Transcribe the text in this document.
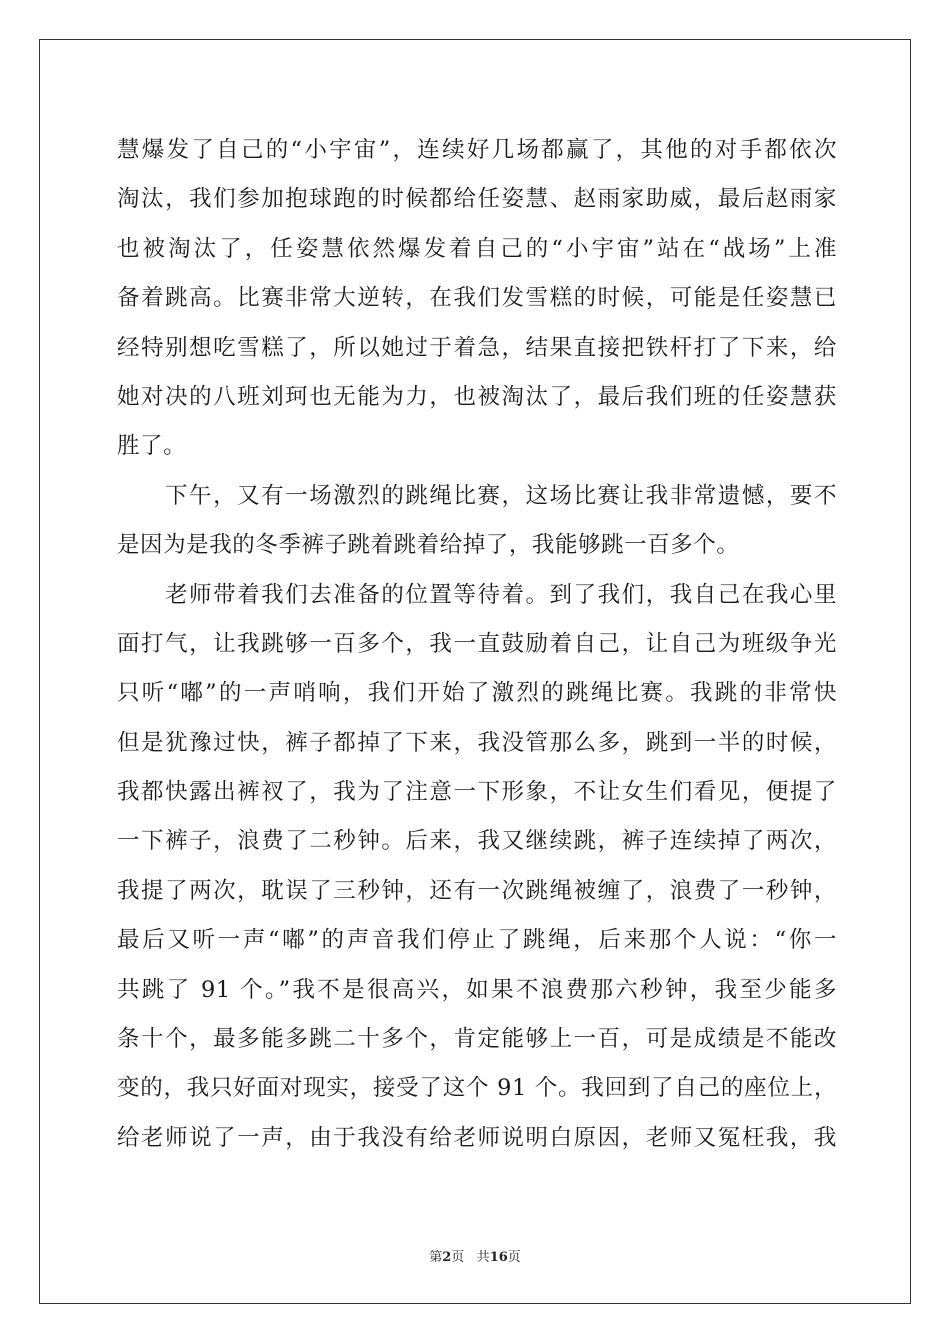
慧爆发了自己的“小宇宙”，连续好几场都赢了，其他的对手都依次
淘汰，我们参加抱球跑的时候都给任姿慧、赵雨家助威，最后赵雨家
也被淘汰了，任姿慧依然爆发着自己的“小宇宙”站在“战场”上准
备着跳高。比赛非常大逆转，在我们发雪糕的时候，可能是任姿慧已
经特别想吃雪糕了，所以她过于着急，结果直接把铁杆打了下来，给
她对决的八班刘珂也无能为力，也被淘汰了，最后我们班的任姿慧获
胜了。
下午，又有一场激烈的跳绳比赛，这场比赛让我非常遗憾，要不
是因为是我的冬季裤子跳着跳着给掉了，我能够跳一百多个。
老师带着我们去准备的位置等待着。到了我们，我自己在我心里
面打气，让我跳够一百多个，我一直鼓励着自己，让自己为班级争光
只听“嘟”的一声哨响，我们开始了激烈的跳绳比赛。我跳的非常快
但是犹豫过快，裤子都掉了下来，我没管那么多，跳到一半的时候，
我都快露出裤衩了，我为了注意一下形象，不让女生们看见，便提了
一下裤子，浪费了二秒钟。后来，我又继续跳，裤子连续掉了两次，
我提了两次，耽误了三秒钟，还有一次跳绳被缠了，浪费了一秒钟，
最后又听一声“嘟”的声音我们停止了跳绳，后来那个人说：“你一
共跳了 91 个。”我不是很高兴，如果不浪费那六秒钟，我至少能多
条十个，最多能多跳二十多个，肯定能够上一百，可是成绩是不能改
变的，我只好面对现实，接受了这个 91 个。我回到了自己的座位上，
给老师说了一声，由于我没有给老师说明白原因，老师又冤枉我，我
第2页 共16页
